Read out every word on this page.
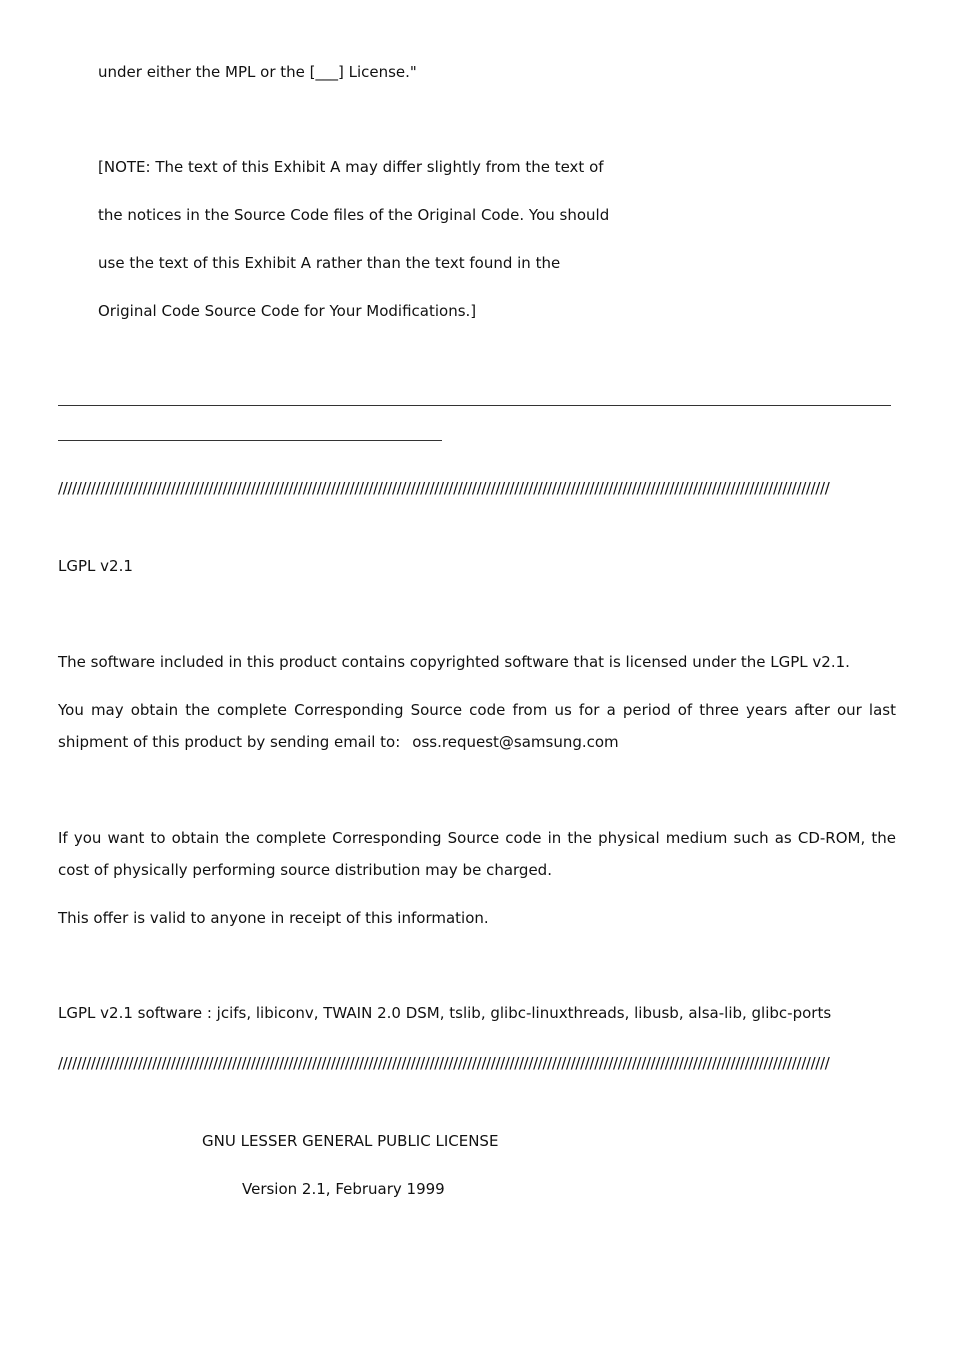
under either the MPL or the [___] License."
[NOTE: The text of this Exhibit A may differ slightly from the text of
the notices in the Source Code files of the Original Code. You should
use the text of this Exhibit A rather than the text found in the
Original Code Source Code for Your Modifications.]
////////////////////////////////////////////////////////////////////////////////////////////////////////////////////////////////////////////////////////////////////
LGPL v2.1
The software included in this product contains copyrighted software that is licensed under the LGPL v2.1.
You may obtain the complete Corresponding Source code from us for a period of three years after our last shipment of this product by sending email to: oss.request@samsung.com
If you want to obtain the complete Corresponding Source code in the physical medium such as CD-ROM, the cost of physically performing source distribution may be charged.
This offer is valid to anyone in receipt of this information.
LGPL v2.1 software : jcifs, libiconv, TWAIN 2.0 DSM, tslib, glibc-linuxthreads, libusb, alsa-lib, glibc-ports
////////////////////////////////////////////////////////////////////////////////////////////////////////////////////////////////////////////////////////////////////
GNU LESSER GENERAL PUBLIC LICENSE
Version 2.1, February 1999
